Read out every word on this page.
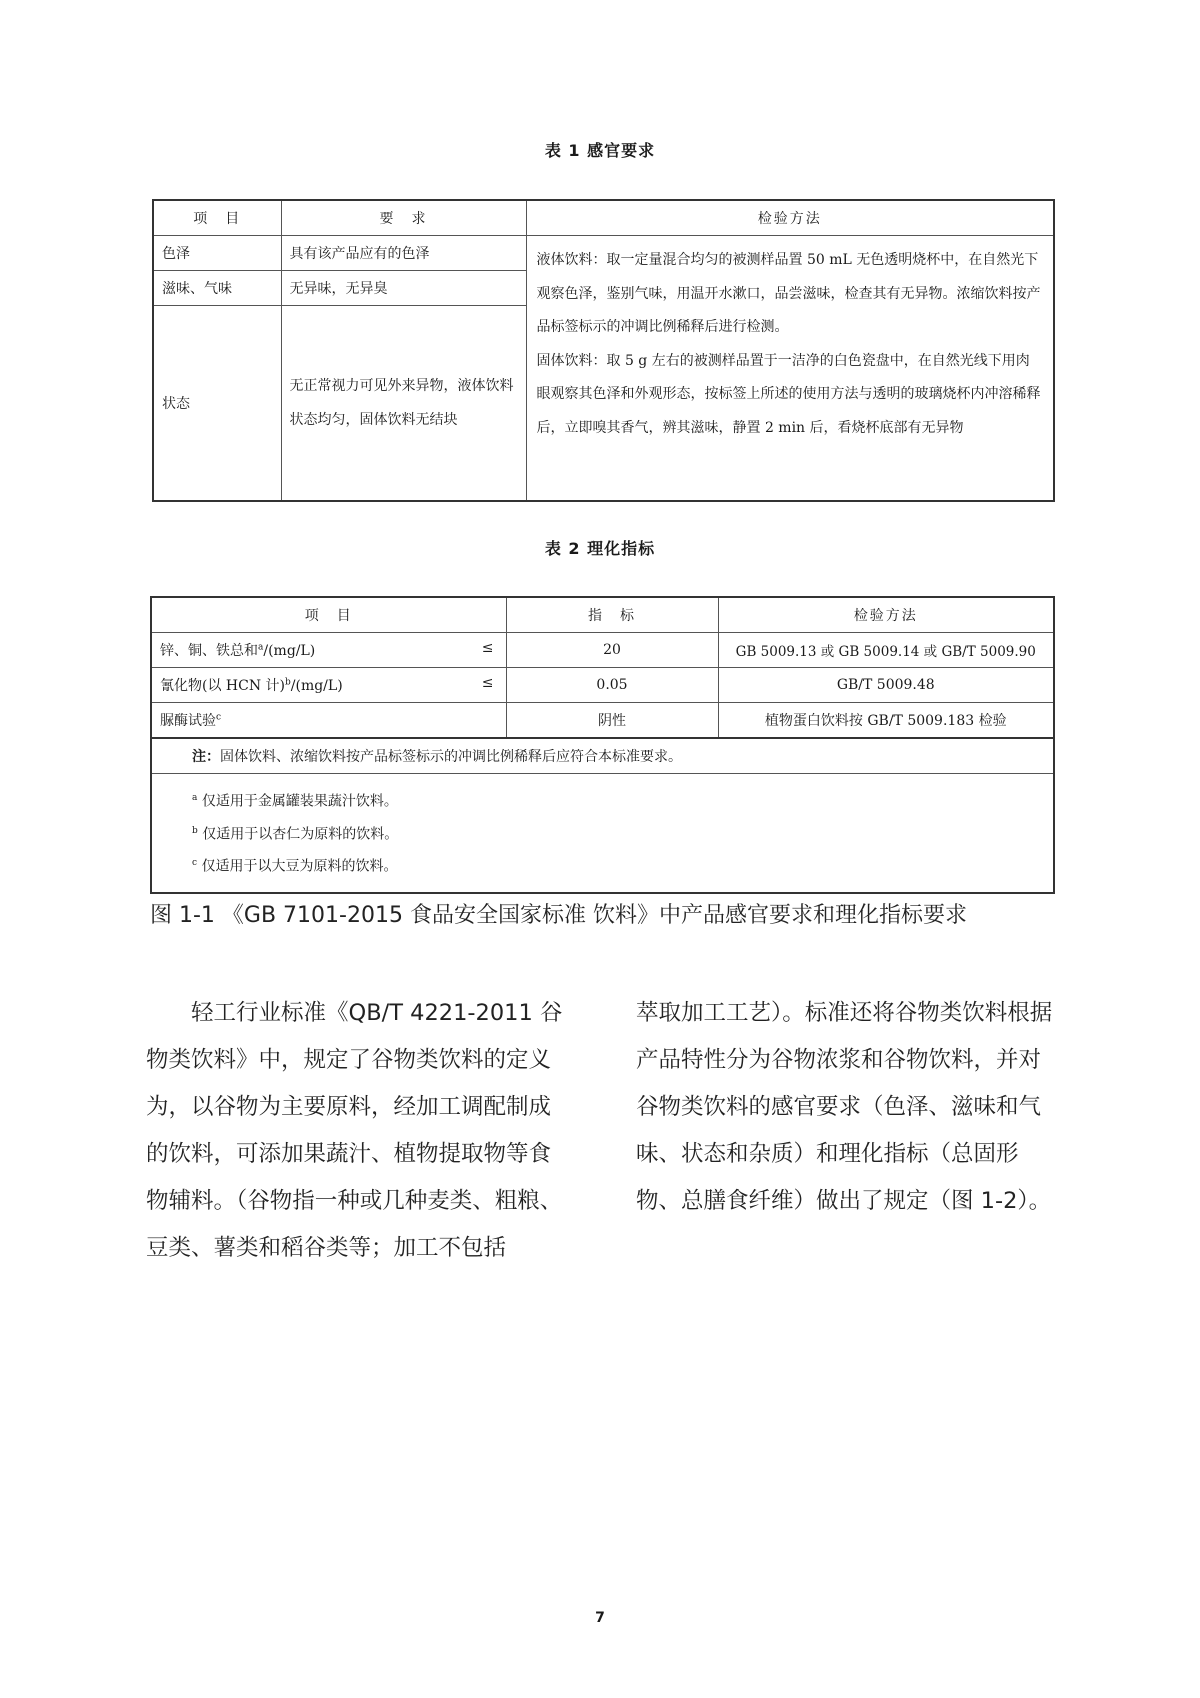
表 1 感官要求
项　目	要　求	检验方法
色泽	具有该产品应有的色泽	液体饮料：取一定量混合均匀的被测样品置 50 mL 无色透明烧杯中，在自然光下观察色泽，鉴别气味，用温开水漱口，品尝滋味，检查其有无异物。浓缩饮料按产品标签标示的冲调比例稀释后进行检测。
固体饮料：取 5 g 左右的被测样品置于一洁净的白色瓷盘中，在自然光线下用肉眼观察其色泽和外观形态，按标签上所述的使用方法与透明的玻璃烧杯内冲溶稀释后，立即嗅其香气，辨其滋味，静置 2 min 后，看烧杯底部有无异物

滋味、气味	无异味，无异臭	
状态	无正常视力可见外来异物，液体饮料状态均匀，固体饮料无结块	
表 2 理化指标
项　目	指　标	检验方法
锌、铜、铁总和$^a$/(mg/L) ≤	20	GB 5009.13 或 GB 5009.14 或 GB/T 5009.90
氰化物(以 HCN 计)$^b$/(mg/L) ≤	0.05	GB/T 5009.48
脲酶试验$^c$	阴性	植物蛋白饮料按 GB/T 5009.183 检验
注：固体饮料、浓缩饮料按产品标签标示的冲调比例稀释后应符合本标准要求。		

$^a$ 仅适用于金属罐装果蔬汁饮料。
$^b$ 仅适用于以杏仁为原料的饮料。
$^c$ 仅适用于以大豆为原料的饮料。		
图 1-1 《GB 7101-2015 食品安全国家标准 饮料》中产品感官要求和理化指标要求

轻工行业标准《QB/T 4221-2011 谷物类饮料》中，规定了谷物类饮料的定义为，以谷物为主要原料，经加工调配制成的饮料，可添加果蔬汁、植物提取物等食物辅料。（谷物指一种或几种麦类、粗粮、豆类、薯类和稻谷类等；加工不包括

萃取加工工艺）。标准还将谷物类饮料根据产品特性分为谷物浓浆和谷物饮料，并对谷物类饮料的感官要求（色泽、滋味和气味、状态和杂质）和理化指标（总固形物、总膳食纤维）做出了规定（图 1-2）。

7
